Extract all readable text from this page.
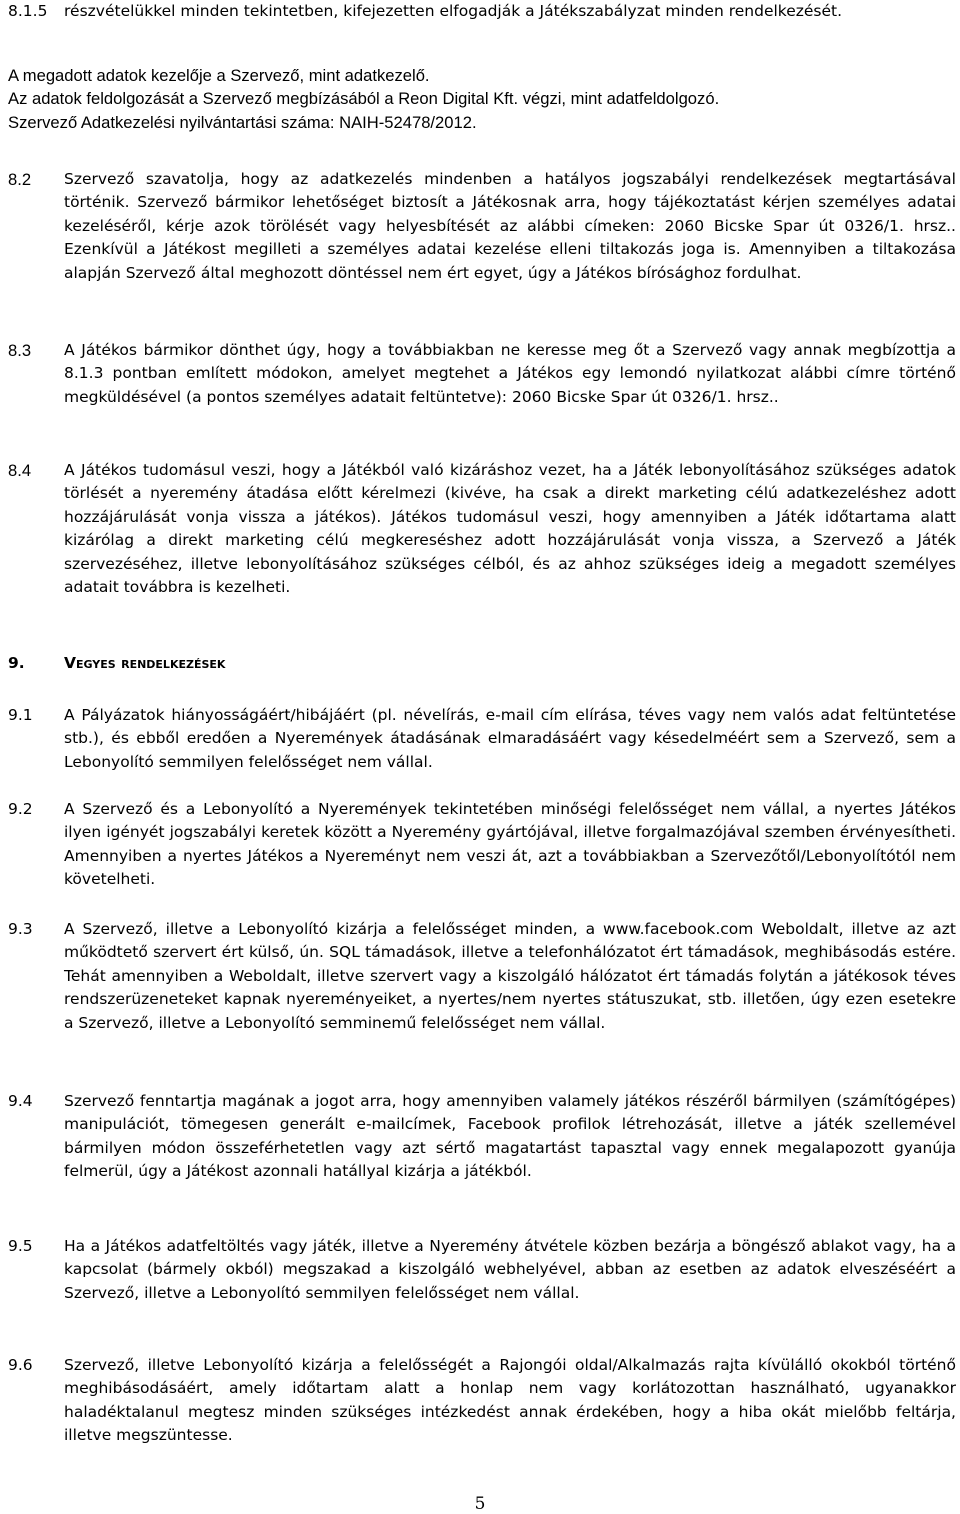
8.1.5 részvételükkel minden tekintetben, kifejezetten elfogadják a Játékszabályzat minden rendelkezését.
A megadott adatok kezelője a Szervező, mint adatkezelő.
Az adatok feldolgozását a Szervező megbízásából a Reon Digital Kft. végzi, mint adatfeldolgozó.
Szervező Adatkezelési nyilvántartási száma: NAIH-52478/2012.
8.2 Szervező szavatolja, hogy az adatkezelés mindenben a hatályos jogszabályi rendelkezések megtartásával történik. Szervező bármikor lehetőséget biztosít a Játékosnak arra, hogy tájékoztatást kérjen személyes adatai kezeléséről, kérje azok törölését vagy helyesbítését az alábbi címeken: 2060 Bicske Spar út 0326/1. hrsz.. Ezenkívül a Játékost megilleti a személyes adatai kezelése elleni tiltakozás joga is. Amennyiben a tiltakozása alapján Szervező által meghozott döntéssel nem ért egyet, úgy a Játékos bírósághoz fordulhat.
8.3 A Játékos bármikor dönthet úgy, hogy a továbbiakban ne keresse meg őt a Szervező vagy annak megbízottja a 8.1.3 pontban említett módokon, amelyet megtehet a Játékos egy lemondó nyilatkozat alábbi címre történő megküldésével (a pontos személyes adatait feltüntetve): 2060 Bicske Spar út 0326/1. hrsz..
8.4 A Játékos tudomásul veszi, hogy a Játékból való kizáráshoz vezet, ha a Játék lebonyolításához szükséges adatok törlését a nyeremény átadása előtt kérelmezi (kivéve, ha csak a direkt marketing célú adatkezeléshez adott hozzájárulását vonja vissza a játékos). Játékos tudomásul veszi, hogy amennyiben a Játék időtartama alatt kizárólag a direkt marketing célú megkereséshez adott hozzájárulását vonja vissza, a Szervező a Játék szervezéséhez, illetve lebonyolításához szükséges célból, és az ahhoz szükséges ideig a megadott személyes adatait továbbra is kezelheti.
9.	Vegyes rendelkezések
9.1 A Pályázatok hiányosságáért/hibájáért (pl. névelírás, e-mail cím elírása, téves vagy nem valós adat feltüntetése stb.), és ebből eredően a Nyeremények átadásának elmaradásáért vagy késedelméért sem a Szervező, sem a Lebonyolító semmilyen felelősséget nem vállal.
9.2 A Szervező és a Lebonyolító a Nyeremények tekintetében minőségi felelősséget nem vállal, a nyertes Játékos ilyen igényét jogszabályi keretek között a Nyeremény gyártójával, illetve forgalmazójával szemben érvényesítheti. Amennyiben a nyertes Játékos a Nyereményt nem veszi át, azt a továbbiakban a Szervezőtől/Lebonyolítótól nem követelheti.
9.3 A Szervező, illetve a Lebonyolító kizárja a felelősséget minden, a www.facebook.com Weboldalt, illetve az azt működtető szervert ért külső, ún. SQL támadások, illetve a telefonhálózatot ért támadások, meghibásodás estére. Tehát amennyiben a Weboldalt, illetve szervert vagy a kiszolgáló hálózatot ért támadás folytán a játékosok téves rendszerüzeneteket kapnak nyereményeiket, a nyertes/nem nyertes státuszukat, stb. illetően, úgy ezen esetekre a Szervező, illetve a Lebonyolító semminemű felelősséget nem vállal.
9.4 Szervező fenntartja magának a jogot arra, hogy amennyiben valamely játékos részéről bármilyen (számítógépes) manipulációt, tömegesen generált e-mailcímek, Facebook profilok létrehozását, illetve a játék szellemével bármilyen módon összeférhetetlen vagy azt sértő magatartást tapasztal vagy ennek megalapozott gyanúja felmerül, úgy a Játékost azonnali hatállyal kizárja a játékból.
9.5 Ha a Játékos adatfeltöltés vagy játék, illetve a Nyeremény átvétele közben bezárja a böngésző ablakot vagy, ha a kapcsolat (bármely okból) megszakad a kiszolgáló webhelyével, abban az esetben az adatok elveszéséért a Szervező, illetve a Lebonyolító semmilyen felelősséget nem vállal.
9.6 Szervező, illetve Lebonyolító kizárja a felelősségét a Rajongói oldal/Alkalmazás rajta kívülálló okokból történő meghibásodásáért, amely időtartam alatt a honlap nem vagy korlátozottan használható, ugyanakkor haladéktalanul megtesz minden szükséges intézkedést annak érdekében, hogy a hiba okát mielőbb feltárja, illetve megszüntesse.
5
